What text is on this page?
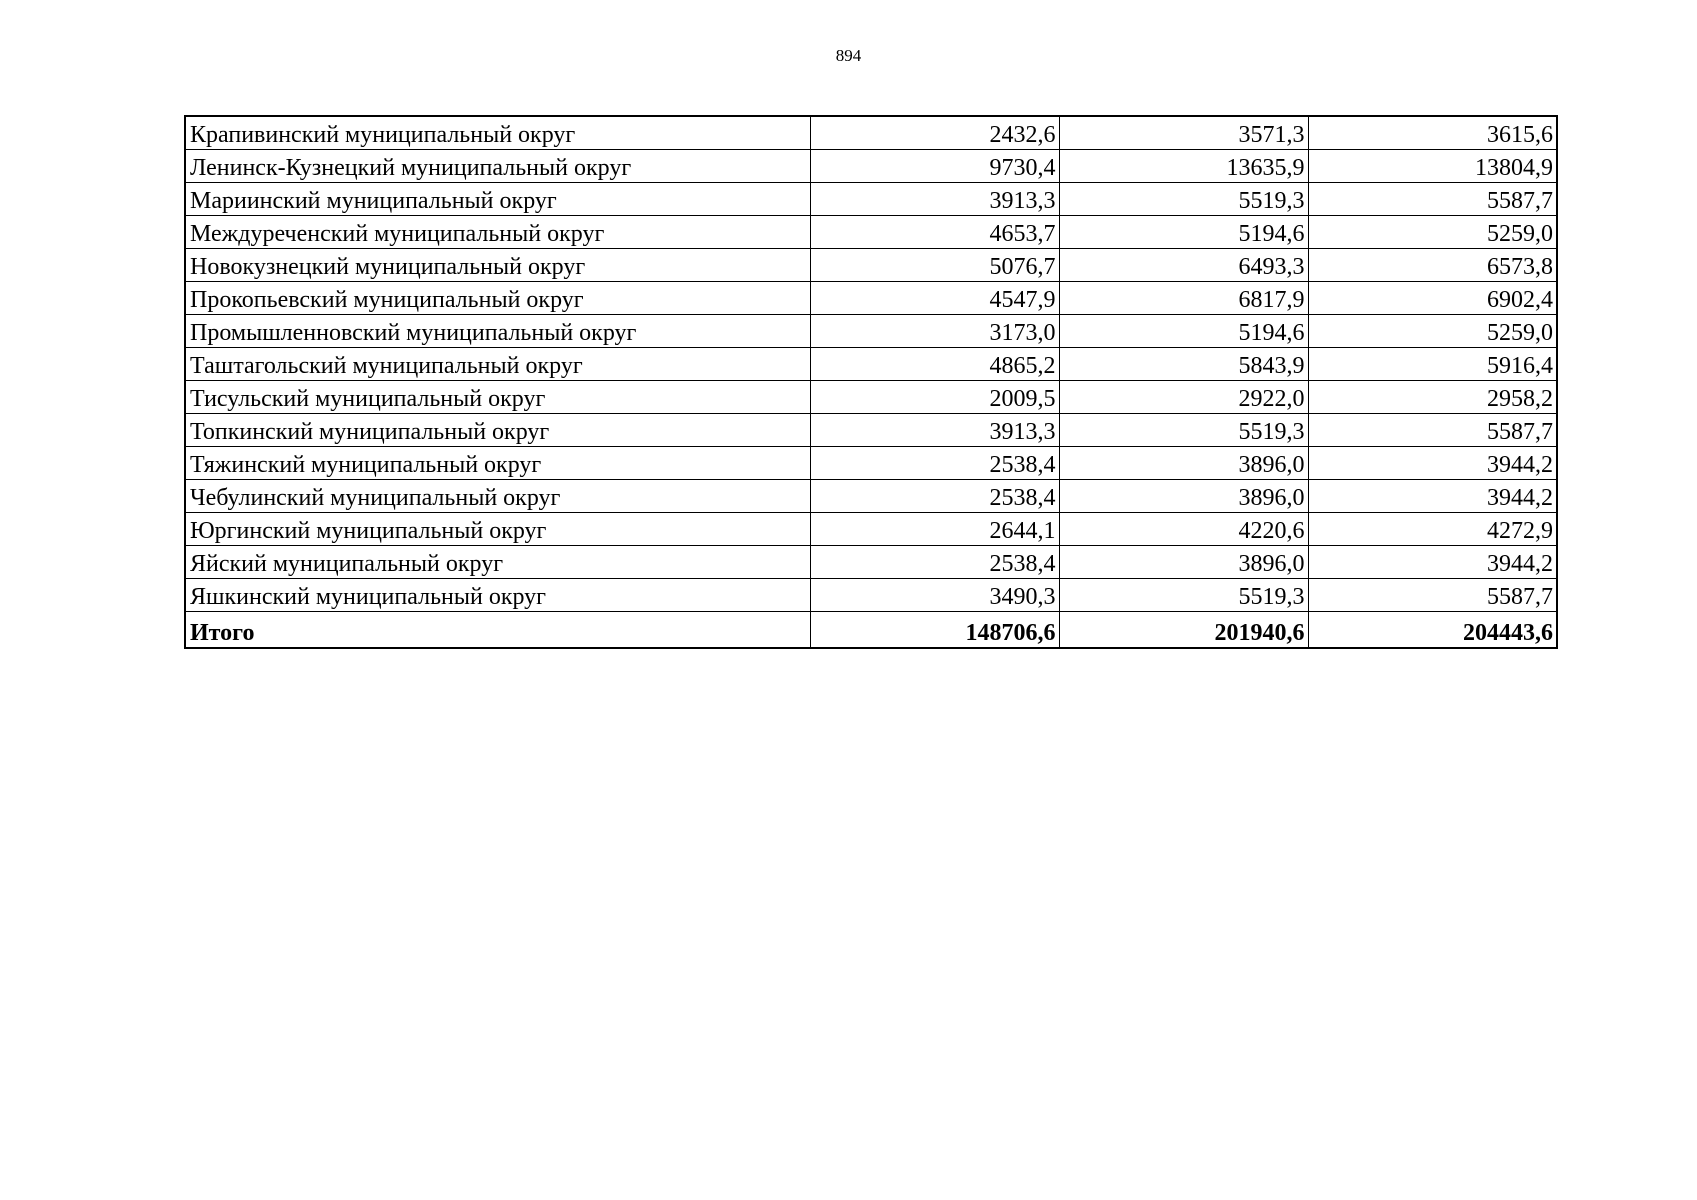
894
Крапивинский муниципальный округ	2432,6	3571,3	3615,6
Ленинск-Кузнецкий муниципальный округ	9730,4	13635,9	13804,9
Мариинский муниципальный округ	3913,3	5519,3	5587,7
Междуреченский муниципальный округ	4653,7	5194,6	5259,0
Новокузнецкий муниципальный округ	5076,7	6493,3	6573,8
Прокопьевский муниципальный округ	4547,9	6817,9	6902,4
Промышленновский муниципальный округ	3173,0	5194,6	5259,0
Таштагольский муниципальный округ	4865,2	5843,9	5916,4
Тисульский муниципальный округ	2009,5	2922,0	2958,2
Топкинский муниципальный округ	3913,3	5519,3	5587,7
Тяжинский муниципальный округ	2538,4	3896,0	3944,2
Чебулинский муниципальный округ	2538,4	3896,0	3944,2
Юргинский муниципальный округ	2644,1	4220,6	4272,9
Яйский муниципальный округ	2538,4	3896,0	3944,2
Яшкинский муниципальный округ	3490,3	5519,3	5587,7
Итого	148706,6	201940,6	204443,6
